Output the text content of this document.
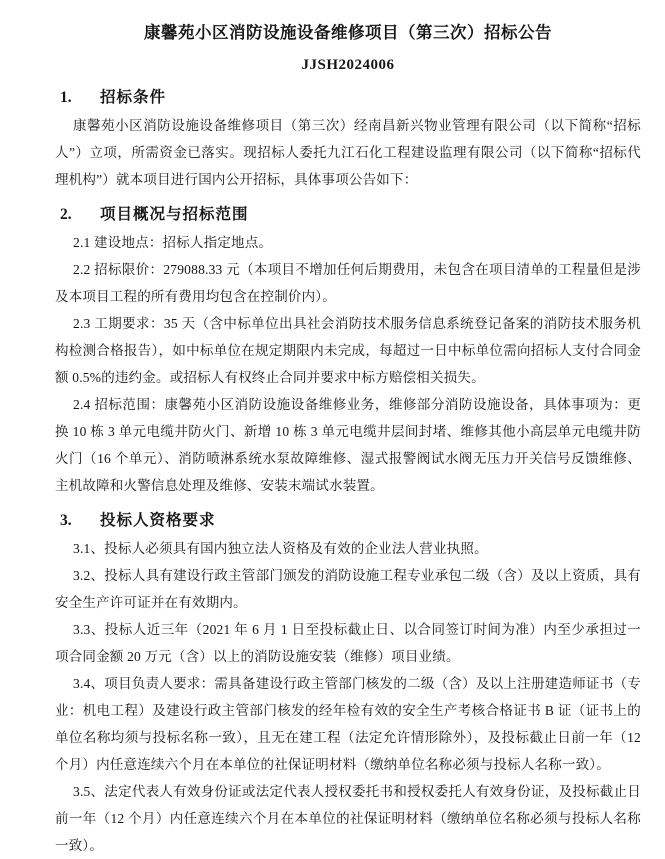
康馨苑小区消防设施设备维修项目（第三次）招标公告
JJSH2024006
1.	招标条件

康馨苑小区消防设施设备维修项目（第三次）经南昌新兴物业管理有限公司（以下简称“招标人”）立项，所需资金已落实。现招标人委托九江石化工程建设监理有限公司（以下简称“招标代理机构”）就本项目进行国内公开招标，具体事项公告如下：

2.	项目概况与招标范围

2.1 建设地点：招标人指定地点。

2.2 招标限价：279088.33 元（本项目不增加任何后期费用，未包含在项目清单的工程量但是涉及本项目工程的所有费用均包含在控制价内）。

2.3 工期要求：35 天（含中标单位出具社会消防技术服务信息系统登记备案的消防技术服务机构检测合格报告），如中标单位在规定期限内未完成，每超过一日中标单位需向招标人支付合同金额 0.5%的违约金。或招标人有权终止合同并要求中标方赔偿相关损失。

2.4 招标范围：康馨苑小区消防设施设备维修业务，维修部分消防设施设备，具体事项为：更换 10 栋 3 单元电缆井防火门、新增 10 栋 3 单元电缆井层间封堵、维修其他小高层单元电缆井防火门（16 个单元）、消防喷淋系统水泵故障维修、湿式报警阀试水阀无压力开关信号反馈维修、主机故障和火警信息处理及维修、安装末端试水装置。

3.	投标人资格要求

3.1、投标人必须具有国内独立法人资格及有效的企业法人营业执照。

3.2、投标人具有建设行政主管部门颁发的消防设施工程专业承包二级（含）及以上资质，具有安全生产许可证并在有效期内。

3.3、投标人近三年（2021 年 6 月 1 日至投标截止日、以合同签订时间为准）内至少承担过一项合同金额 20 万元（含）以上的消防设施安装（维修）项目业绩。

3.4、项目负责人要求：需具备建设行政主管部门核发的二级（含）及以上注册建造师证书（专业：机电工程）及建设行政主管部门核发的经年检有效的安全生产考核合格证书 B 证（证书上的单位名称均须与投标名称一致），且无在建工程（法定允许情形除外），及投标截止日前一年（12 个月）内任意连续六个月在本单位的社保证明材料（缴纳单位名称必须与投标人名称一致）。

3.5、法定代表人有效身份证或法定代表人授权委托书和授权委托人有效身份证，及投标截止日前一年（12 个月）内任意连续六个月在本单位的社保证明材料（缴纳单位名称必须与投标人名称一致）。
